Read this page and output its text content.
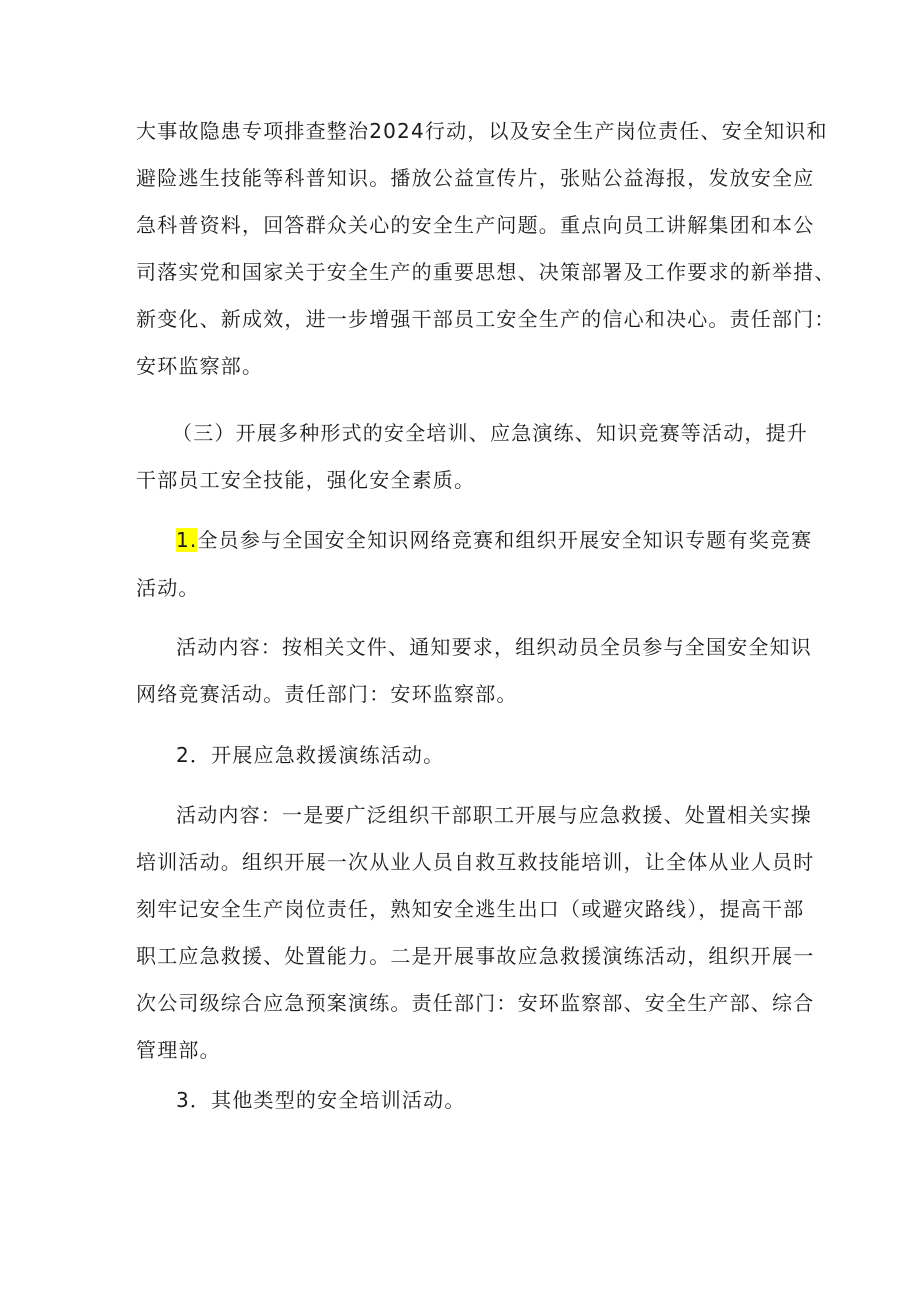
大事故隐患专项排查整治2024行动，以及安全生产岗位责任、安全知识和
避险逃生技能等科普知识。播放公益宣传片，张贴公益海报，发放安全应
急科普资料，回答群众关心的安全生产问题。重点向员工讲解集团和本公
司落实党和国家关于安全生产的重要思想、决策部署及工作要求的新举措、
新变化、新成效，进一步增强干部员工安全生产的信心和决心。责任部门：
安环监察部。
（三）开展多种形式的安全培训、应急演练、知识竞赛等活动，提升
干部员工安全技能，强化安全素质。
1.全员参与全国安全知识网络竞赛和组织开展安全知识专题有奖竞赛
活动。
活动内容：按相关文件、通知要求，组织动员全员参与全国安全知识
网络竞赛活动。责任部门：安环监察部。
2．开展应急救援演练活动。
活动内容：一是要广泛组织干部职工开展与应急救援、处置相关实操
培训活动。组织开展一次从业人员自救互救技能培训，让全体从业人员时
刻牢记安全生产岗位责任，熟知安全逃生出口（或避灾路线），提高干部
职工应急救援、处置能力。二是开展事故应急救援演练活动，组织开展一
次公司级综合应急预案演练。责任部门：安环监察部、安全生产部、综合
管理部。
3．其他类型的安全培训活动。
